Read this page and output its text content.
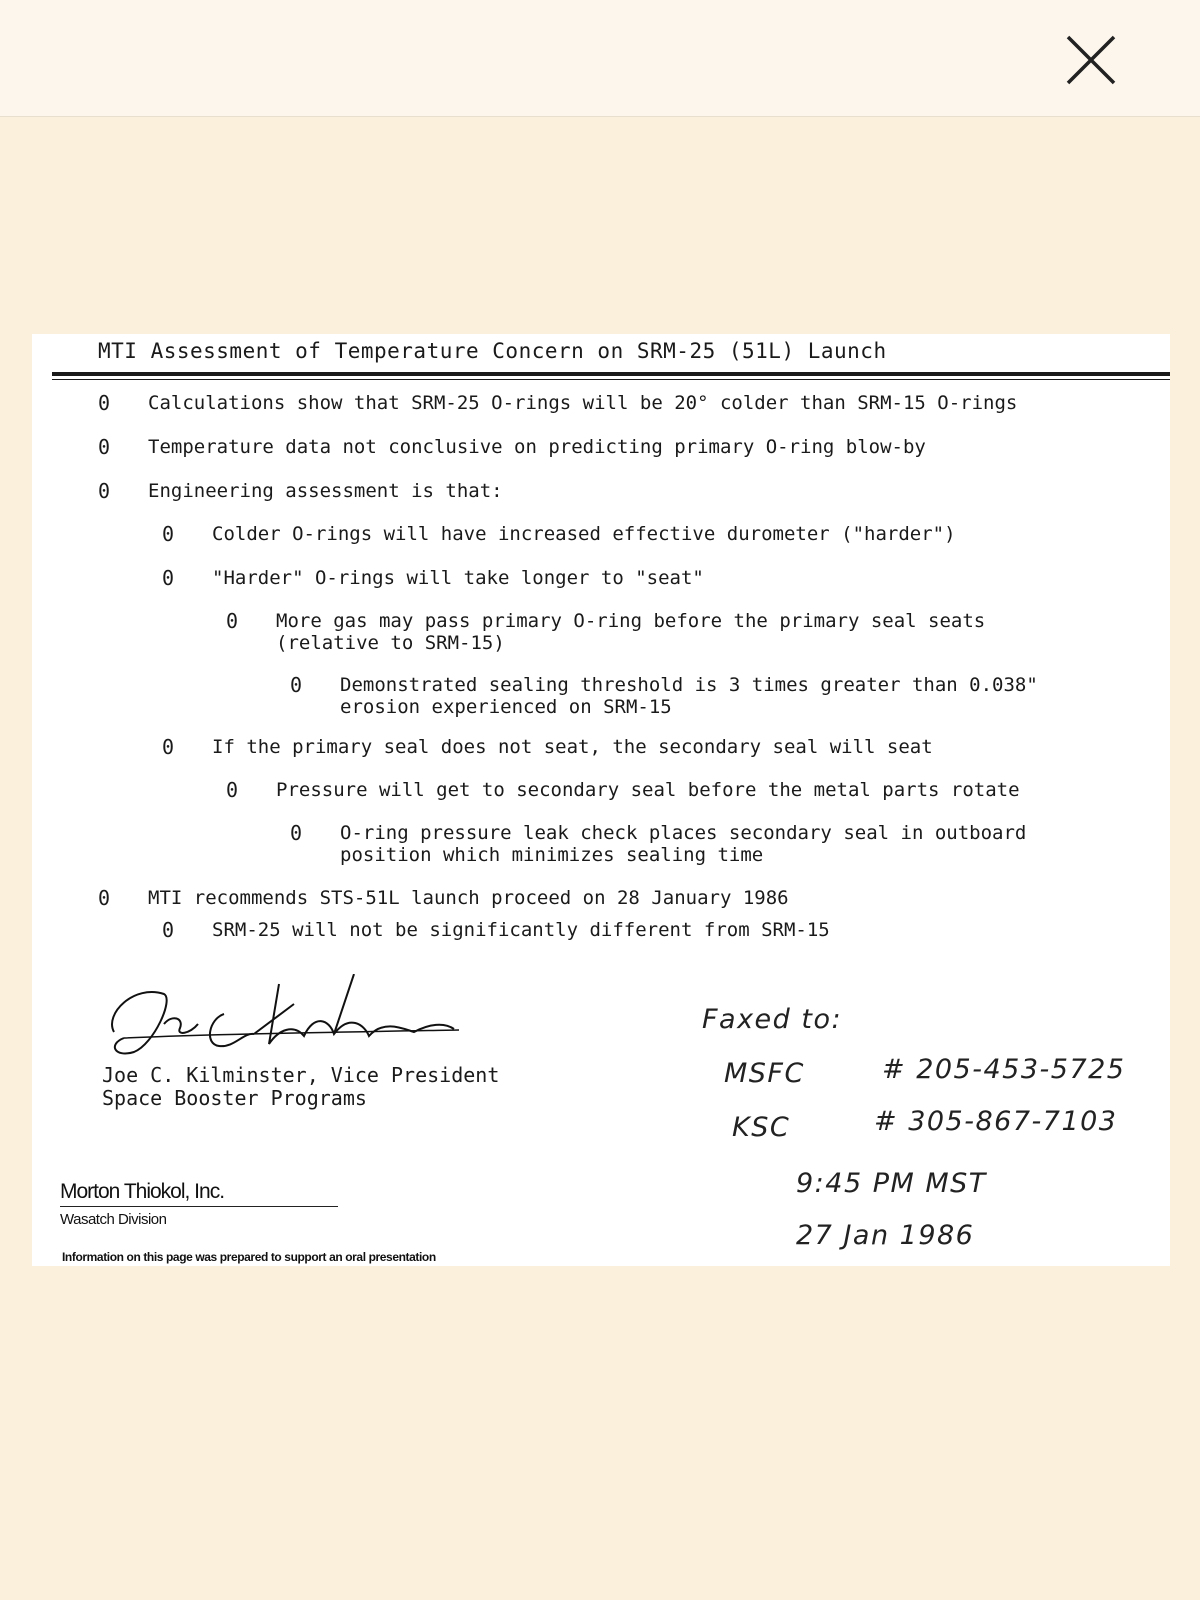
MTI Assessment of Temperature Concern on SRM-25 (51L) Launch
0	Calculations show that SRM-25 O-rings will be 20° colder than SRM-15 O-rings
0	Temperature data not conclusive on predicting primary O-ring blow-by
0	Engineering assessment is that:
0	Colder O-rings will have increased effective durometer ("harder")
0	"Harder" O-rings will take longer to "seat"
0	More gas may pass primary O-ring before the primary seal seats
(relative to SRM-15)
0	Demonstrated sealing threshold is 3 times greater than 0.038"
erosion experienced on SRM-15
0	If the primary seal does not seat, the secondary seal will seat
0	Pressure will get to secondary seal before the metal parts rotate
0	O-ring pressure leak check places secondary seal in outboard
position which minimizes sealing time
0	MTI recommends STS-51L launch proceed on 28 January 1986
0	SRM-25 will not be significantly different from SRM-15
Joe C. Kilminster, Vice President
Space Booster Programs
Faxed to:
MSFC	# 205-453-5725
KSC	# 305-867-7103
9:45 PM MST
27 Jan 1986
Morton Thiokol, Inc.
Wasatch Division
Information on this page was prepared to support an oral presentation
